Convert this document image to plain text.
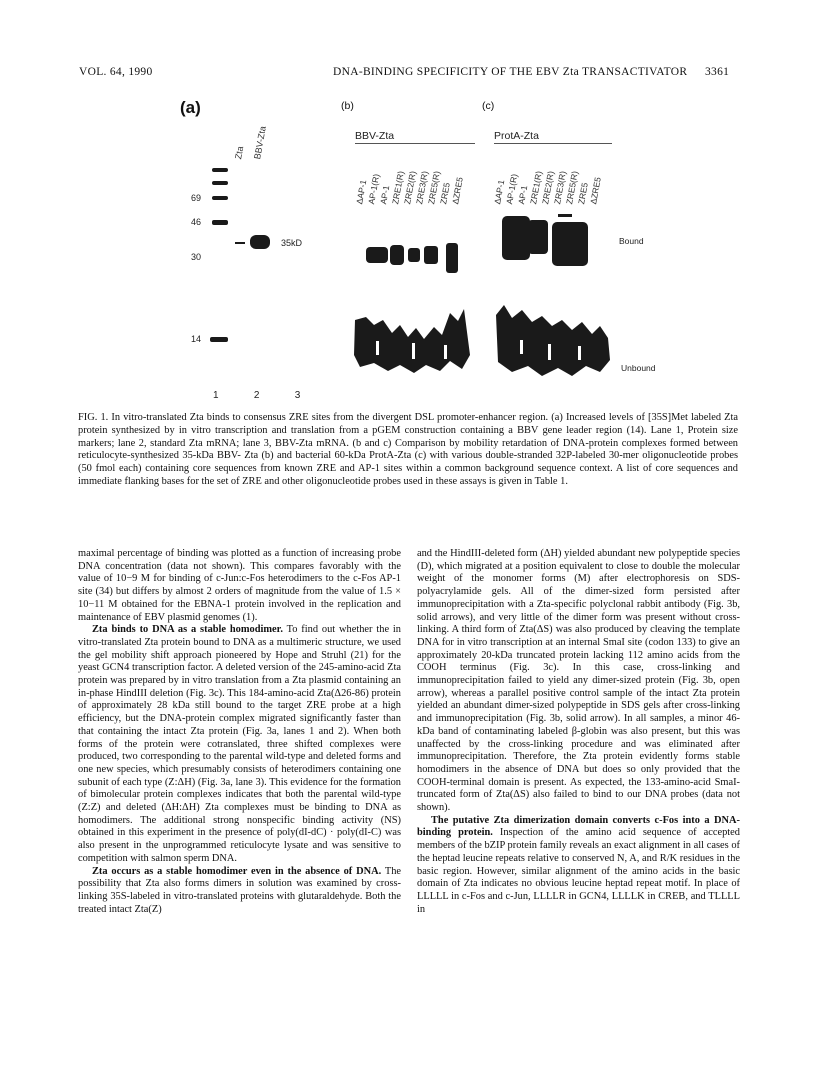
VOL. 64, 1990	DNA-BINDING SPECIFICITY OF THE EBV Zta TRANSACTIVATOR 3361
(a)
Zta BBV-Zta
69
46
30
14
35kD
1   2   3
(b)
BBV-Zta
ΔAP-1
AP-1(R)
AP-1
ZRE1(R)
ZRE2(R)
ZRE3(R)
ZRE5(R)
ZRE5
ΔZRE5
(c)
ProtA-Zta
ΔAP-1
AP-1(R)
AP-1
ZRE1(R)
ZRE2(R)
ZRE3(R)
ZRE5(R)
ZRE5
ΔZRE5
Bound
Unbound
FIG. 1. In vitro-translated Zta binds to consensus ZRE sites from the divergent DSL promoter-enhancer region. (a) Increased levels of [35S]Met labeled Zta protein synthesized by in vitro transcription and translation from a pGEM construction containing a BBV gene leader region (14). Lane 1, Protein size markers; lane 2, standard Zta mRNA; lane 3, BBV-Zta mRNA. (b and c) Comparison by mobility retardation of DNA-protein complexes formed between reticulocyte-synthesized 35-kDa BBV- Zta (b) and bacterial 60-kDa ProtA-Zta (c) with various double-stranded 32P-labeled 30-mer oligonucleotide probes (50 fmol each) containing core sequences from known ZRE and AP-1 sites within a common background sequence context. A list of core sequences and immediate flanking bases for the set of ZRE and other oligonucleotide probes used in these assays is given in Table 1.

maximal percentage of binding was plotted as a function of increasing probe DNA concentration (data not shown). This compares favorably with the value of 10−9 M for binding of c-Jun:c-Fos heterodimers to the c-Fos AP-1 site (34) but differs by almost 2 orders of magnitude from the value of 1.5 × 10−11 M obtained for the EBNA-1 protein involved in the replication and maintenance of EBV plasmid genomes (1).

Zta binds to DNA as a stable homodimer. To find out whether the in vitro-translated Zta protein bound to DNA as a multimeric structure, we used the gel mobility shift approach pioneered by Hope and Struhl (21) for the yeast GCN4 transcription factor. A deleted version of the 245-amino-acid Zta protein was prepared by in vitro translation from a Zta plasmid containing an in-phase HindIII deletion (Fig. 3c). This 184-amino-acid Zta(Δ26-86) protein of approximately 28 kDa still bound to the target ZRE probe at a high efficiency, but the DNA-protein complex migrated significantly faster than that containing the intact Zta protein (Fig. 3a, lanes 1 and 2). When both forms of the protein were cotranslated, three shifted complexes were produced, two corresponding to the parental wild-type and deleted forms and one new species, which presumably consists of heterodimers containing one subunit of each type (Z:ΔH) (Fig. 3a, lane 3). This evidence for the formation of bimolecular protein complexes indicates that both the parental wild-type (Z:Z) and deleted (ΔH:ΔH) Zta complexes must be binding to DNA as homodimers. The additional strong nonspecific binding activity (NS) obtained in this experiment in the presence of poly(dI-dC) · poly(dI-C) was also present in the unprogrammed reticulocyte lysate and was sensitive to competition with salmon sperm DNA.

Zta occurs as a stable homodimer even in the absence of DNA. The possibility that Zta also forms dimers in solution was examined by cross-linking 35S-labeled in vitro-translated proteins with glutaraldehyde. Both the treated intact Zta(Z)

and the HindIII-deleted form (ΔH) yielded abundant new polypeptide species (D), which migrated at a position equivalent to close to double the molecular weight of the monomer forms (M) after electrophoresis on SDS-polyacrylamide gels. All of the dimer-sized form persisted after immunoprecipitation with a Zta-specific polyclonal rabbit antibody (Fig. 3b, solid arrows), and very little of the dimer form was present without cross-linking. A third form of Zta(ΔS) was also produced by cleaving the template DNA for in vitro transcription at an internal SmaI site (codon 133) to give an approximately 20-kDa truncated protein lacking 112 amino acids from the COOH terminus (Fig. 3c). In this case, cross-linking and immunoprecipitation failed to yield any dimer-sized protein (Fig. 3b, open arrow), whereas a parallel positive control sample of the intact Zta protein yielded an abundant dimer-sized polypeptide in SDS gels after cross-linking and immunoprecipitation (Fig. 3b, solid arrow). In all samples, a minor 46-kDa band of contaminating labeled β-globin was also present, but this was unaffected by the cross-linking procedure and was eliminated after immunoprecipitation. Therefore, the Zta protein evidently forms stable homodimers in the absence of DNA but does so only provided that the COOH-terminal domain is present. As expected, the 133-amino-acid SmaI-truncated form of Zta(ΔS) also failed to bind to our DNA probes (data not shown).

The putative Zta dimerization domain converts c-Fos into a DNA-binding protein. Inspection of the amino acid sequence of accepted members of the bZIP protein family reveals an exact alignment in all cases of the heptad leucine repeats relative to conserved N, A, and R/K residues in the basic region. However, similar alignment of the amino acids in the basic domain of Zta indicates no obvious leucine heptad repeat motif. In place of LLLLL in c-Fos and c-Jun, LLLLR in GCN4, LLLLK in CREB, and TLLLL in
